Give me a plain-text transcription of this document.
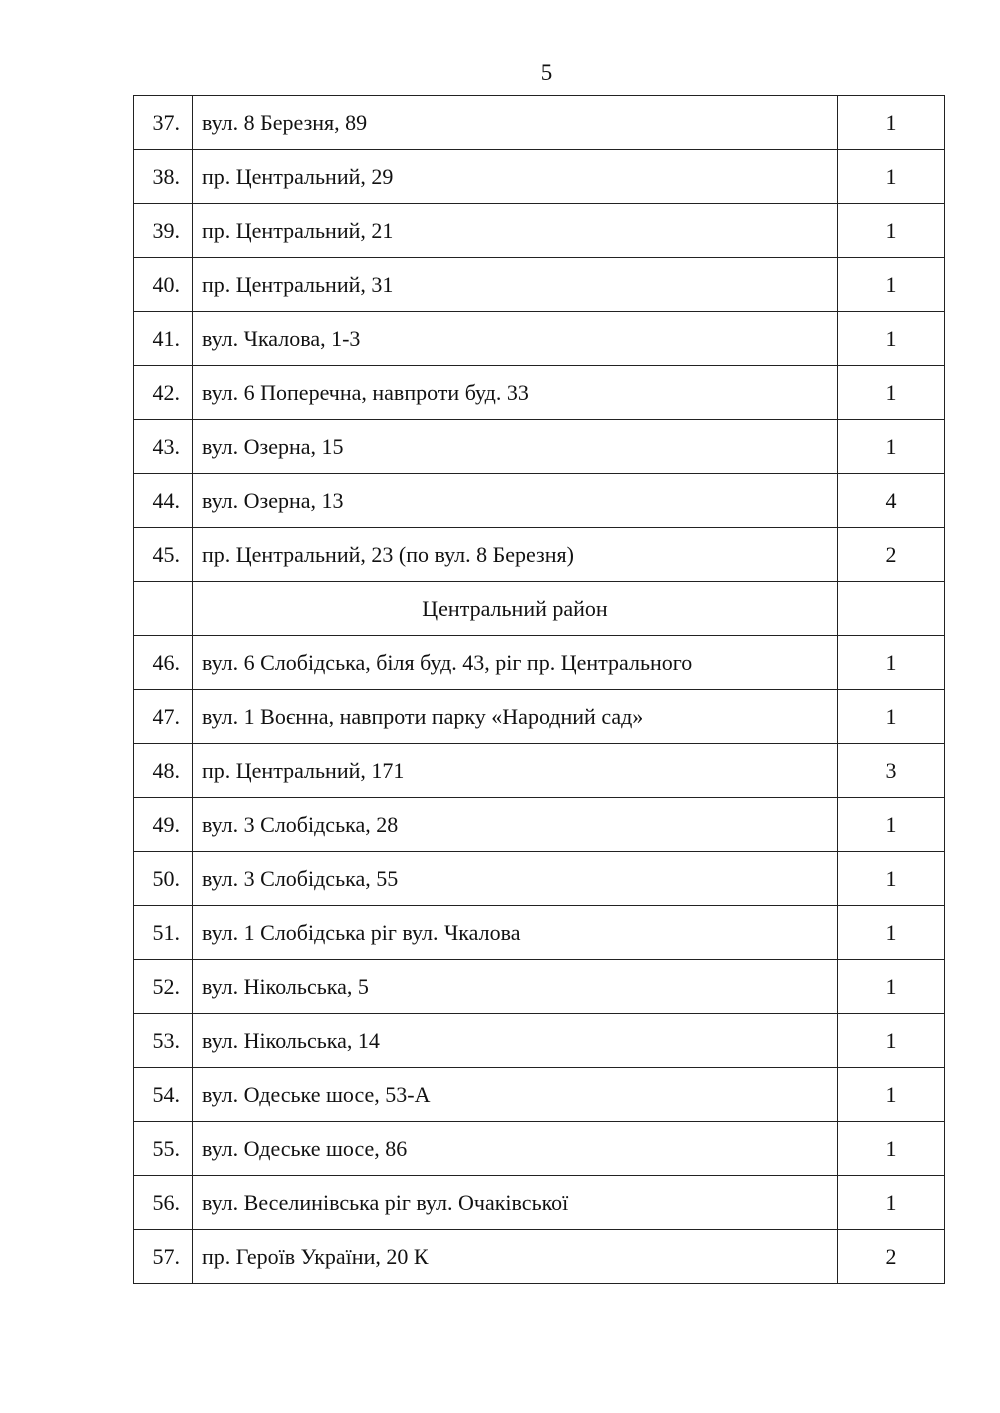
5
37.	вул. 8 Березня, 89	1
38.	пр. Центральний, 29	1
39.	пр. Центральний, 21	1
40.	пр. Центральний, 31	1
41.	вул. Чкалова, 1-3	1
42.	вул. 6 Поперечна, навпроти буд. 33	1
43.	вул. Озерна, 15	1
44.	вул. Озерна, 13	4
45.	пр. Центральний, 23 (по вул. 8 Березня)	2
	Центральний район	
46.	вул. 6 Слобідська, біля буд. 43, ріг пр. Центрального	1
47.	вул. 1 Воєнна, навпроти парку «Народний сад»	1
48.	пр. Центральний, 171	3
49.	вул. 3 Слобідська, 28	1
50.	вул. 3 Слобідська, 55	1
51.	вул. 1 Слобідська ріг вул. Чкалова	1
52.	вул. Нікольська, 5	1
53.	вул. Нікольська, 14	1
54.	вул. Одеське шосе, 53-А	1
55.	вул. Одеське шосе, 86	1
56.	вул. Веселинівська ріг вул. Очаківської	1
57.	пр. Героїв України, 20 К	2
